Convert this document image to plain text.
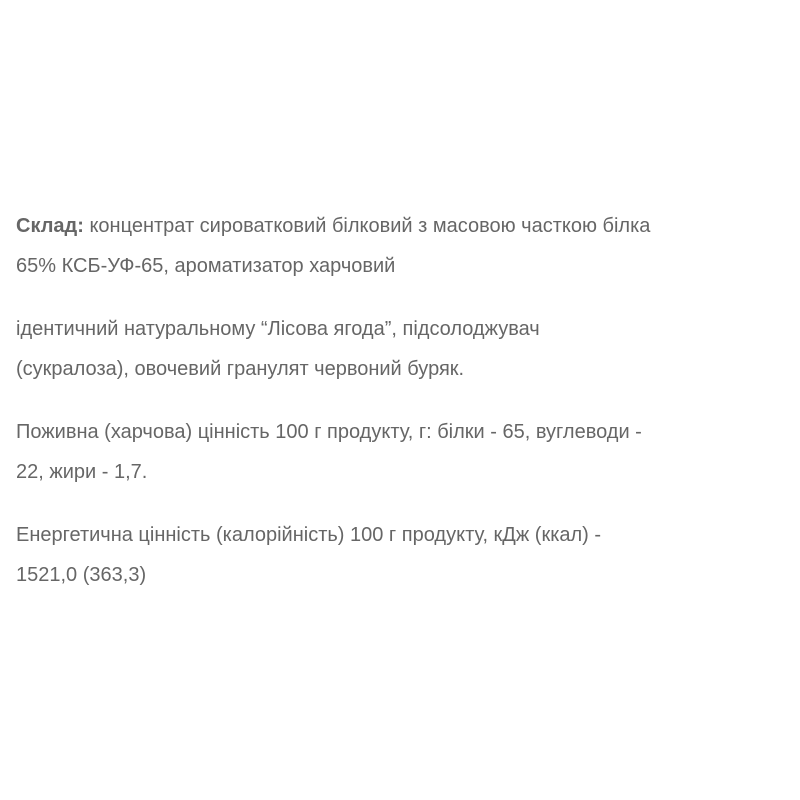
Склад: концентрат сироватковий білковий з масовою часткою білка
65% КСБ-УФ-65, ароматизатор харчовий
ідентичний натуральному “Лісова ягода”, підсолоджувач
(сукралоза), овочевий гранулят червоний буряк.
Поживна (харчова) цінність 100 г продукту, г: білки - 65, вуглеводи -
22, жири - 1,7.
Енергетична цінність (калорійність) 100 г продукту, кДж (ккал) -
1521,0 (363,3)
